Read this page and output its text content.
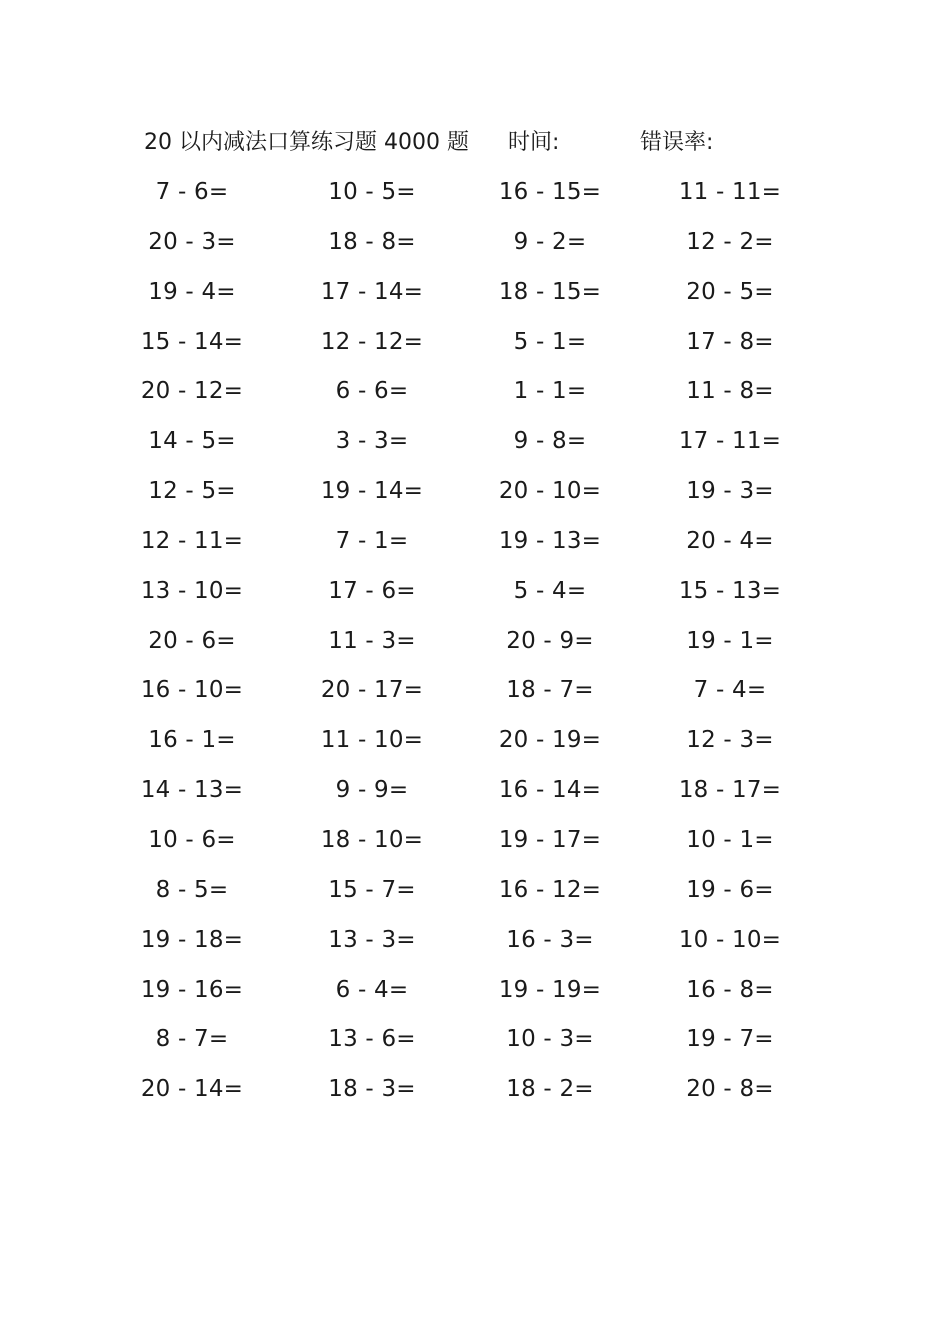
20 以内减法口算练习题 4000 题 时间:	错误率:
7 - 6=	10 - 5=	16 - 15=	11 - 11=
20 - 3=	18 - 8=	9 - 2=	12 - 2=
19 - 4=	17 - 14=	18 - 15=	20 - 5=
15 - 14=	12 - 12=	5 - 1=	17 - 8=
20 - 12=	6 - 6=	1 - 1=	11 - 8=
14 - 5=	3 - 3=	9 - 8=	17 - 11=
12 - 5=	19 - 14=	20 - 10=	19 - 3=
12 - 11=	7 - 1=	19 - 13=	20 - 4=
13 - 10=	17 - 6=	5 - 4=	15 - 13=
20 - 6=	11 - 3=	20 - 9=	19 - 1=
16 - 10=	20 - 17=	18 - 7=	7 - 4=
16 - 1=	11 - 10=	20 - 19=	12 - 3=
14 - 13=	9 - 9=	16 - 14=	18 - 17=
10 - 6=	18 - 10=	19 - 17=	10 - 1=
8 - 5=	15 - 7=	16 - 12=	19 - 6=
19 - 18=	13 - 3=	16 - 3=	10 - 10=
19 - 16=	6 - 4=	19 - 19=	16 - 8=
8 - 7=	13 - 6=	10 - 3=	19 - 7=
20 - 14=	18 - 3=	18 - 2=	20 - 8=
